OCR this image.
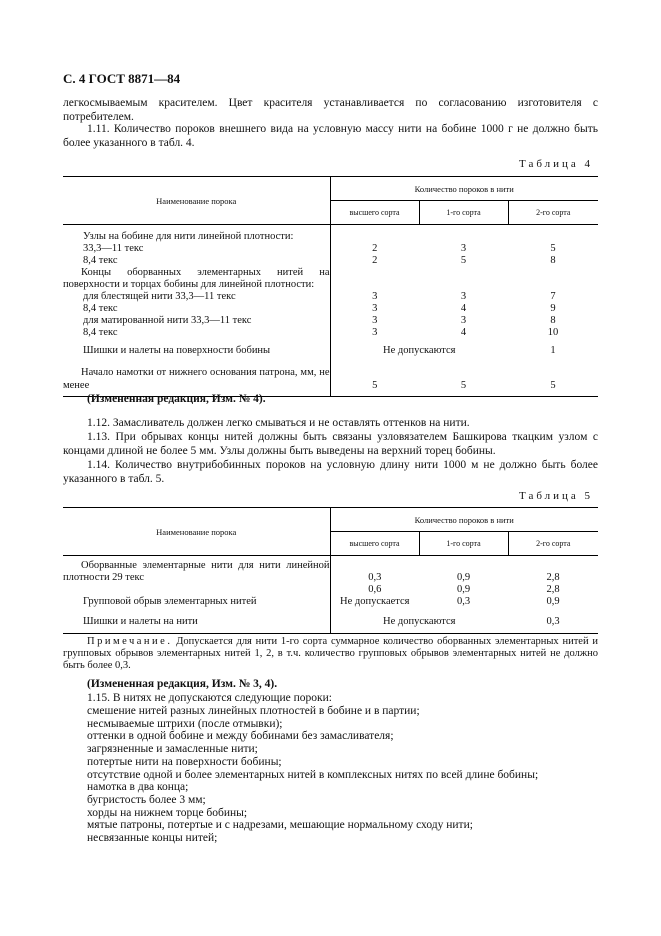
С. 4 ГОСТ 8871—84

легкосмываемым красителем. Цвет красителя устанавливается по согласованию изготовителя с потребителем.

1.11. Количество пороков внешнего вида на условную массу нити на бобине 1000 г не должно быть более указанного в табл. 4.

Таблица 4
Наименование порока	Количество пороков в нити		
	высшего сорта	1-го сорта	2-го сорта

Узлы на бобине для нити линейной плотности:			
33,3—11 текс	2	3	5
8,4 текс	2	5	8
Концы оборванных элементарных нитей на поверхности и торцах бобины для линейной плотности:			
для блестящей нити 33,3—11 текс	3	3	7
8,4 текс	3	4	9
для матированной нити 33,3—11 текс	3	3	8
8,4 текс	3	4	10
Шишки и налеты на поверхности бобины	Не допускаются		1
Начало намотки от нижнего основания патрона, мм, не менее	5	5	5
(Измененная редакция, Изм. № 4).

1.12. Замасливатель должен легко смываться и не оставлять оттенков на нити.

1.13. При обрывах концы нитей должны быть связаны узловязателем Башкирова ткацким узлом с концами длиной не более 5 мм. Узлы должны быть выведены на верхний торец бобины.

1.14. Количество внутрибобинных пороков на условную длину нити 1000 м не должно быть более указанного в табл. 5.

Таблица 5
Наименование порока	Количество пороков в нити		
	высшего сорта	1-го сорта	2-го сорта

Оборванные элементарные нити для нити линейной плотности 29 текс	0,3	0,9	2,8
	0,6	0,9	2,8
Групповой обрыв элементарных нитей	Не допускается	0,3	0,9
Шишки и налеты на нити	Не допускаются		0,3

Примечание. Допускается для нити 1-го сорта суммарное количество оборванных элементарных нитей и групповых обрывов элементарных нитей 1, 2, в т.ч. количество групповых обрывов элементарных нитей не должно быть более 0,3.

(Измененная редакция, Изм. № 3, 4).
1.15. В нитях не допускаются следующие пороки:
смешение нитей разных линейных плотностей в бобине и в партии;
несмываемые штрихи (после отмывки);
оттенки в одной бобине и между бобинами без замасливателя;
загрязненные и замасленные нити;
потертые нити на поверхности бобины;
отсутствие одной и более элементарных нитей в комплексных нитях по всей длине бобины;
намотка в два конца;
бугристость более 3 мм;
хорды на нижнем торце бобины;
мятые патроны, потертые и с надрезами, мешающие нормальному сходу нити;
несвязанные концы нитей;
